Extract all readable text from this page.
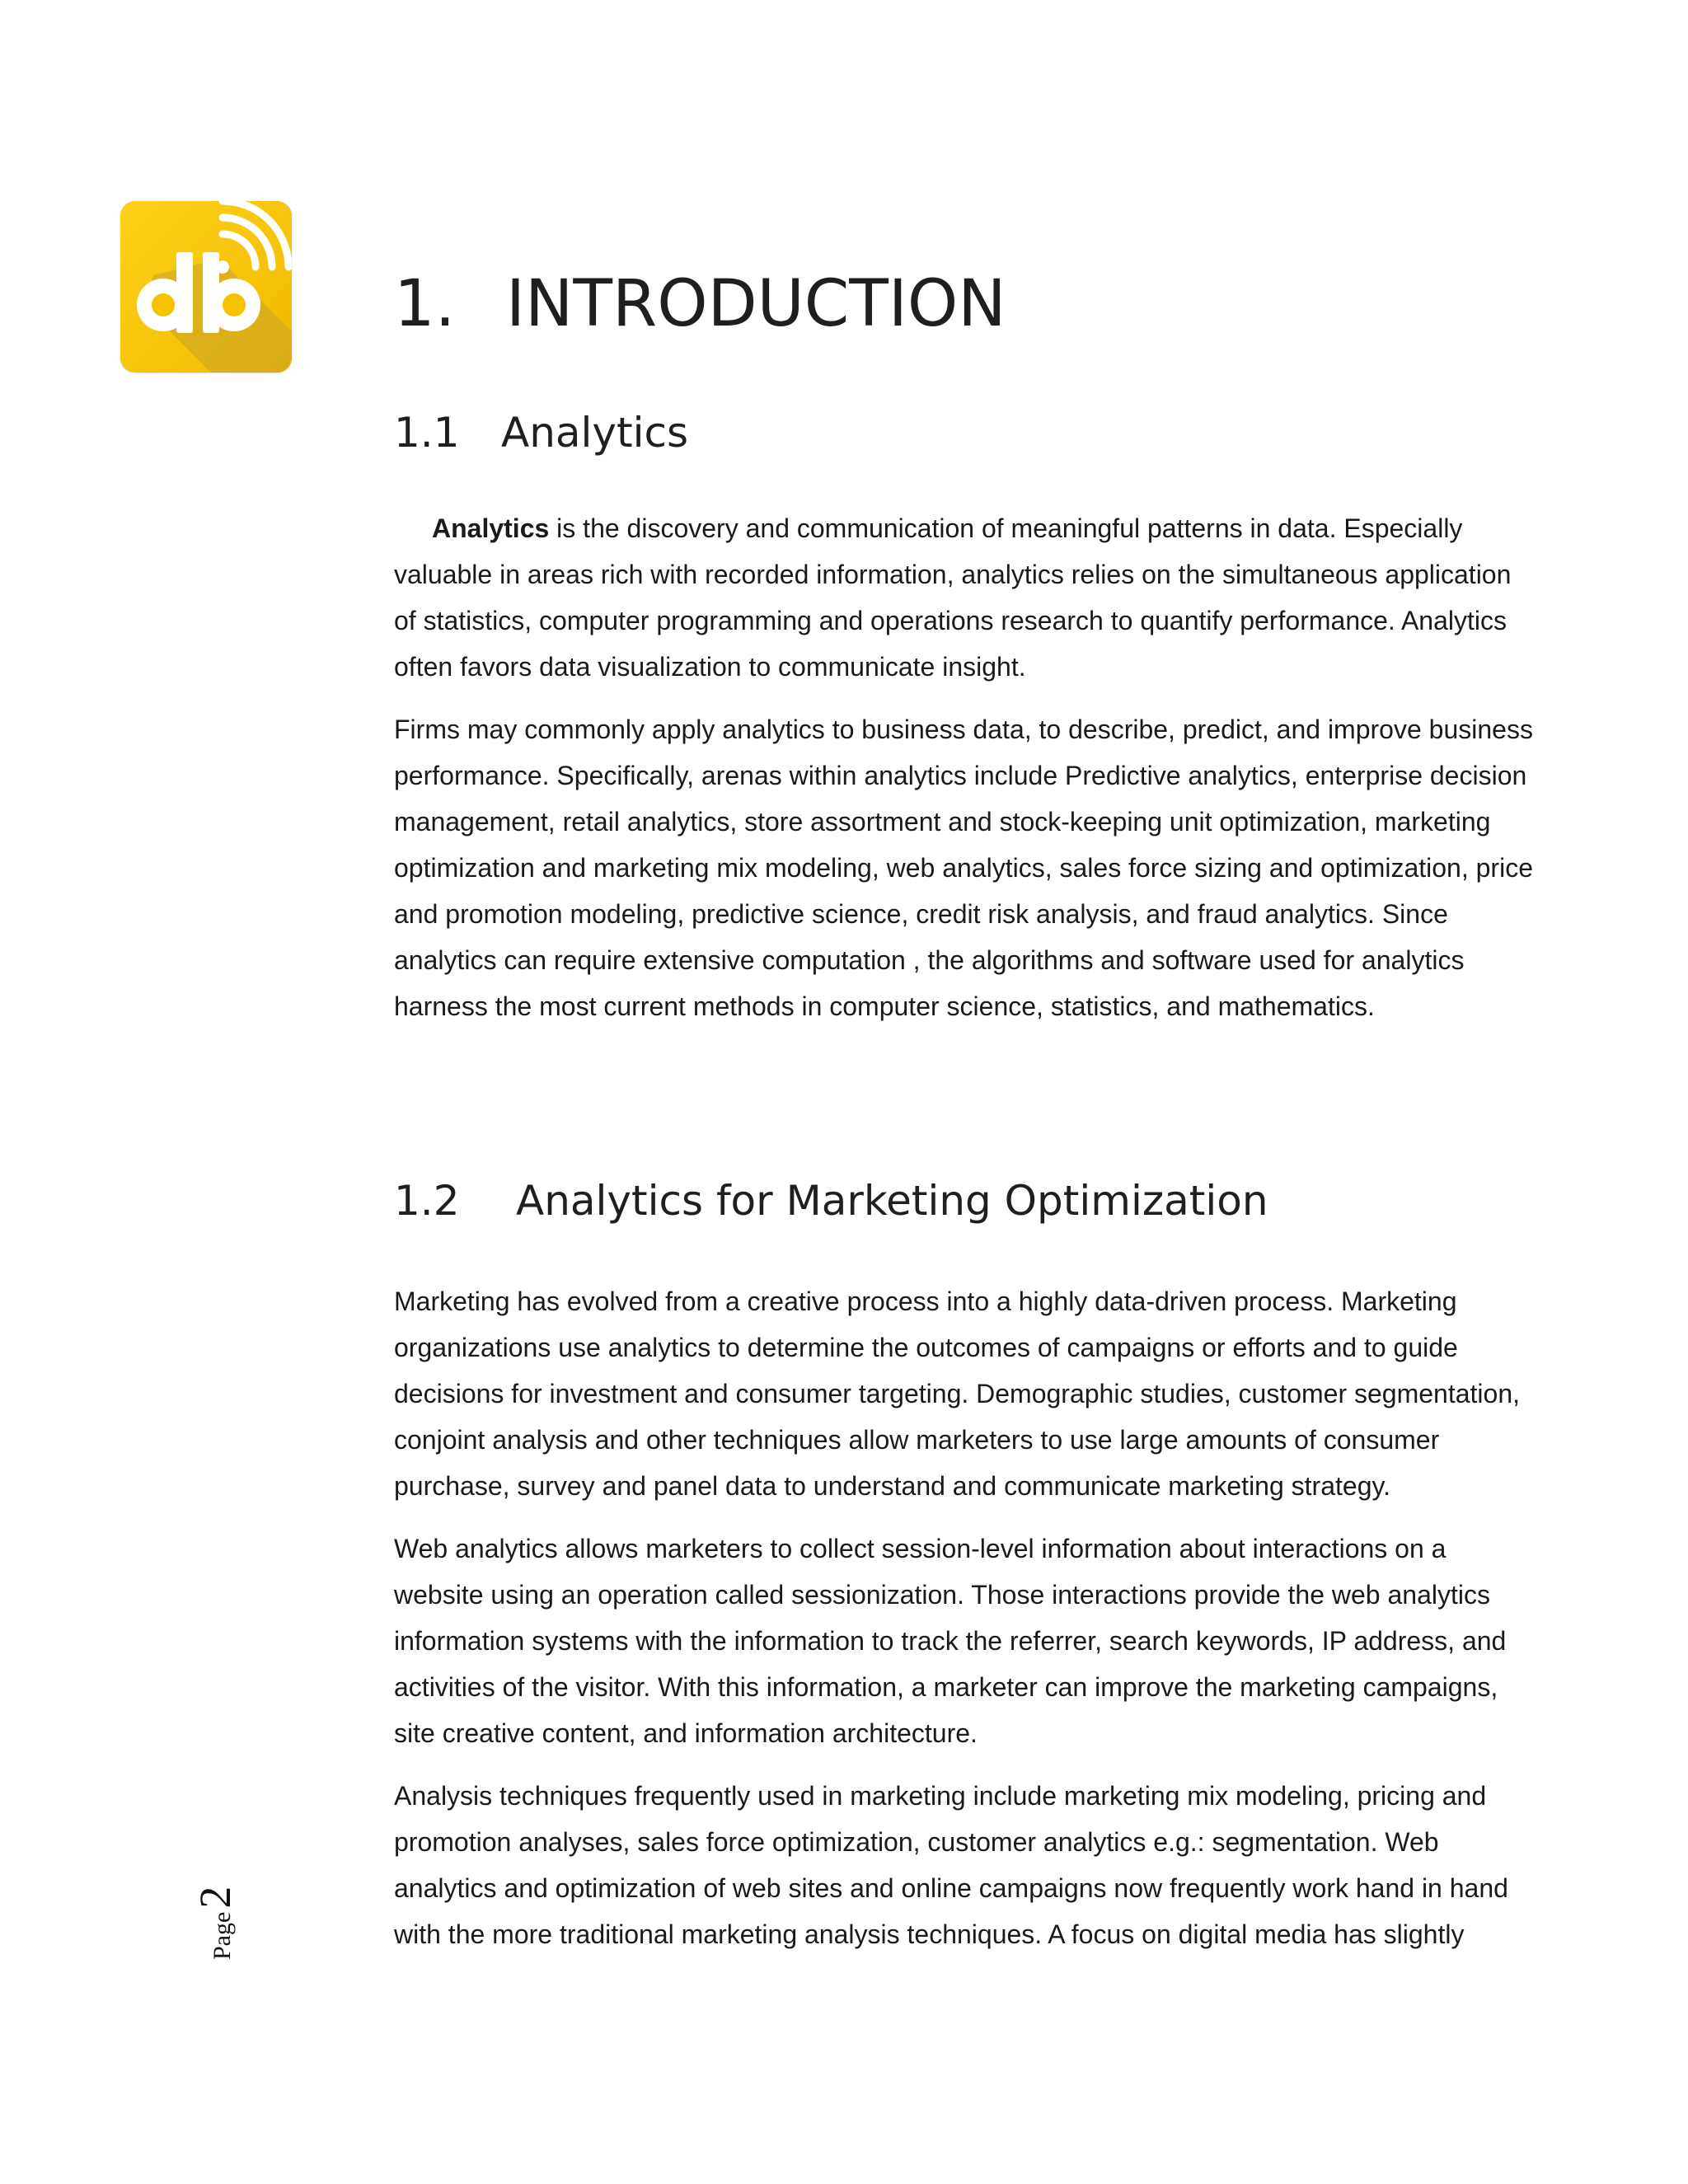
1. INTRODUCTION
1.1 Analytics
Analytics is the discovery and communication of meaningful patterns in data. Especially
valuable in areas rich with recorded information, analytics relies on the simultaneous application
of statistics, computer programming and operations research to quantify performance. Analytics
often favors data visualization to communicate insight.
Firms may commonly apply analytics to business data, to describe, predict, and improve business
performance. Specifically, arenas within analytics include Predictive analytics, enterprise decision
management, retail analytics, store assortment and stock-keeping unit optimization, marketing
optimization and marketing mix modeling, web analytics, sales force sizing and optimization, price
and promotion modeling, predictive science, credit risk analysis, and fraud analytics. Since
analytics can require extensive computation , the algorithms and software used for analytics
harness the most current methods in computer science, statistics, and mathematics.
1.2 Analytics for Marketing Optimization
Marketing has evolved from a creative process into a highly data-driven process. Marketing
organizations use analytics to determine the outcomes of campaigns or efforts and to guide
decisions for investment and consumer targeting. Demographic studies, customer segmentation,
conjoint analysis and other techniques allow marketers to use large amounts of consumer
purchase, survey and panel data to understand and communicate marketing strategy.
Web analytics allows marketers to collect session-level information about interactions on a
website using an operation called sessionization. Those interactions provide the web analytics
information systems with the information to track the referrer, search keywords, IP address, and
activities of the visitor. With this information, a marketer can improve the marketing campaigns,
site creative content, and information architecture.
Analysis techniques frequently used in marketing include marketing mix modeling, pricing and
promotion analyses, sales force optimization, customer analytics e.g.: segmentation. Web
analytics and optimization of web sites and online campaigns now frequently work hand in hand
with the more traditional marketing analysis techniques. A focus on digital media has slightly
Page2
